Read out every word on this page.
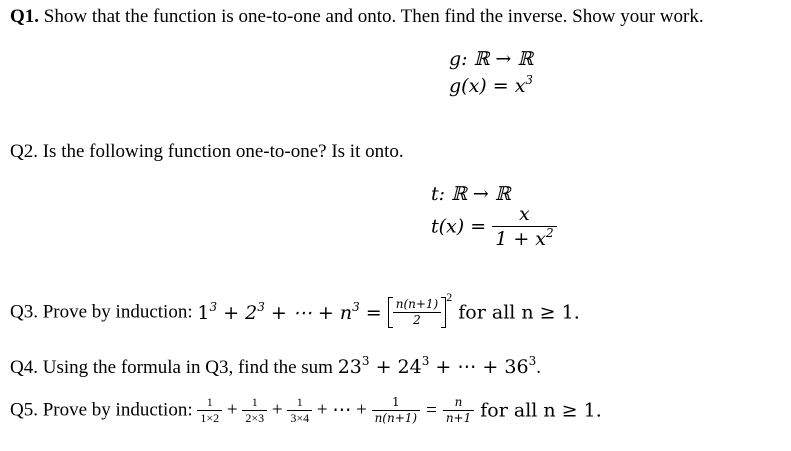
Q1. Show that the function is one-to-one and onto. Then find the inverse. Show your work.
g: ℝ → ℝ
$g(x) = x^3$
Q2. Is the following function one-to-one? Is it onto.
t: ℝ → ℝ
$t(x) = \frac{x}{1 + x^2}$
Q3. Prove by induction: $1^3 + 2^3$ + ⋯ + $n^3 = \frac{n(n+1)}{2}$
$^2$ for all n ≥ 1.
Q4. Using the formula in Q3, find the sum $23^3 + 24^3$ + ⋯ + $36^3$.
Q5. Prove by induction: $\frac{1}{1\times 2} + \frac{1}{2\times 3} + \frac{1}{3\times 4}$ + ⋯ + $\frac{1}{n(n+1)} = \frac{n}{n+1}$ for all n ≥ 1.
